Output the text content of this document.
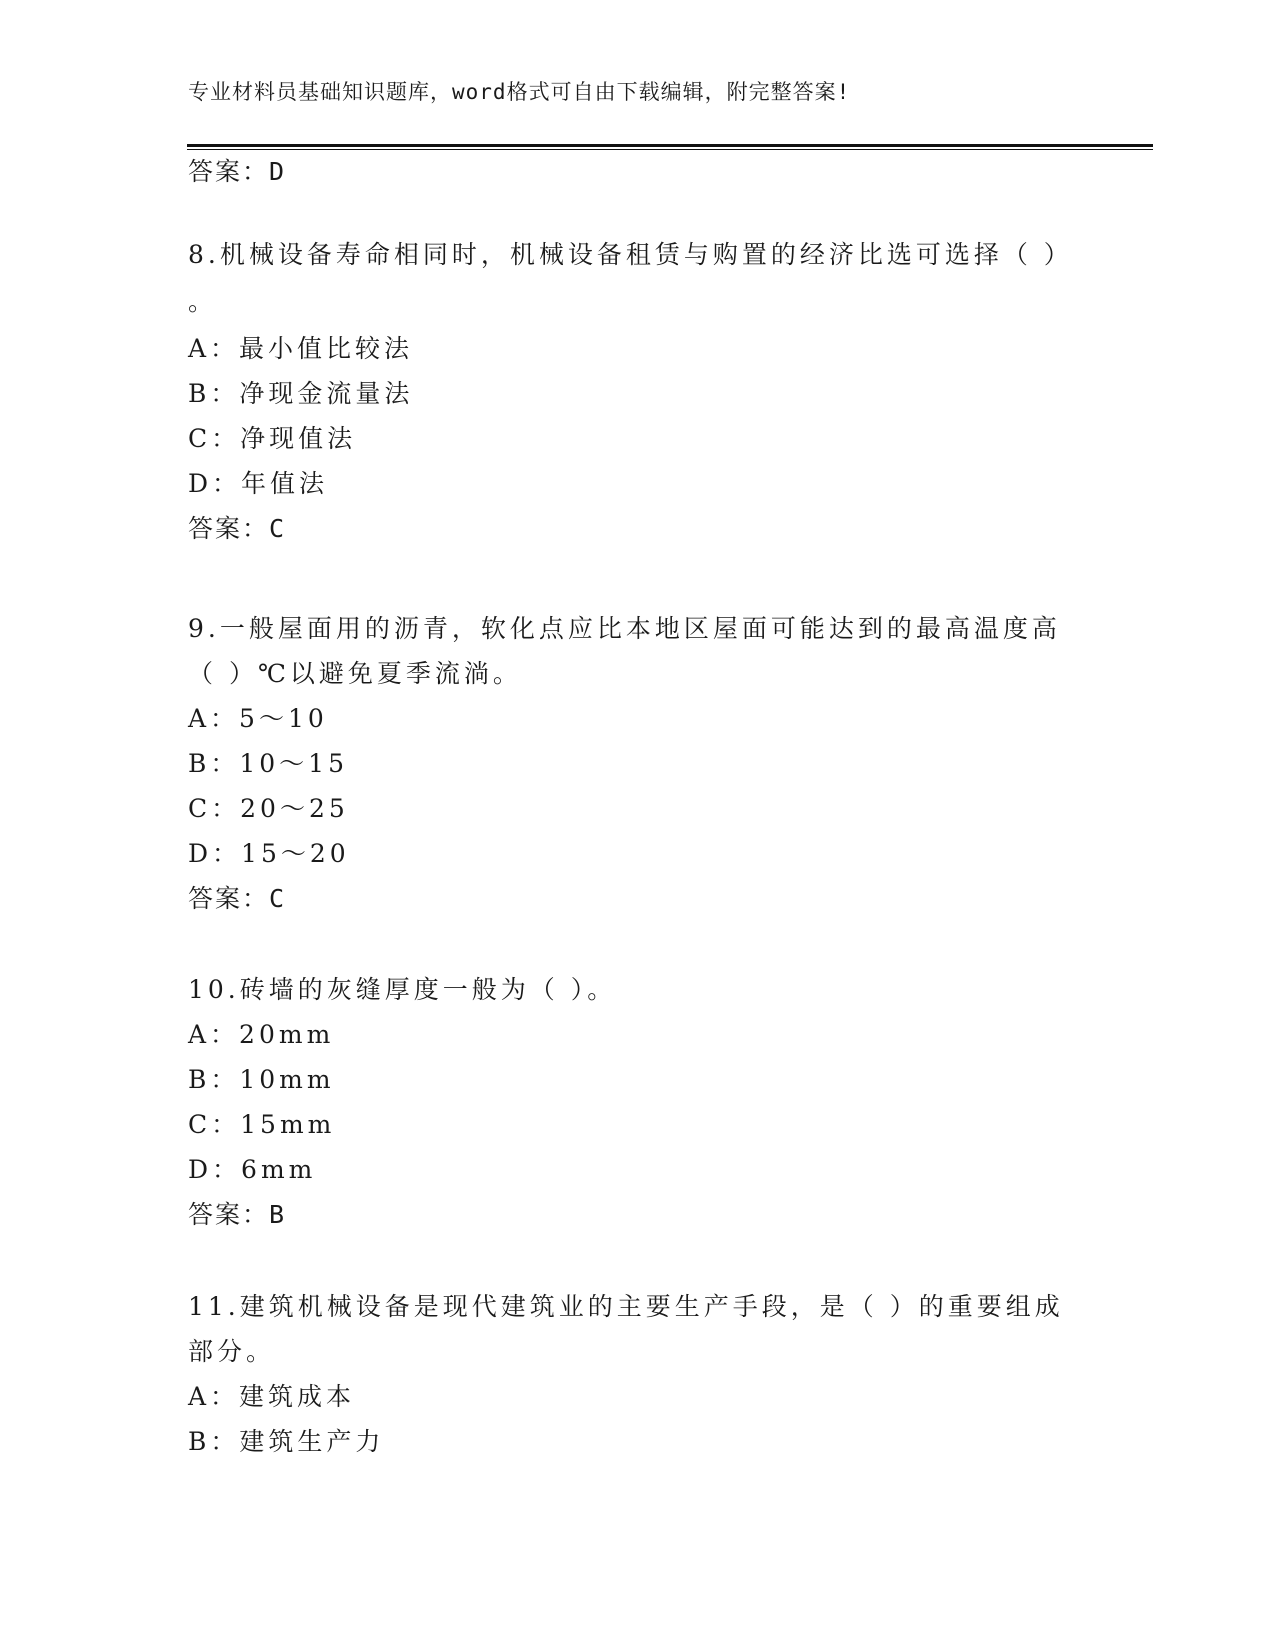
专业材料员基础知识题库，word格式可自由下载编辑，附完整答案!
答案：D
8.机械设备寿命相同时，机械设备租赁与购置的经济比选可选择（ ）
。
A：最小值比较法
B：净现金流量法
C：净现值法
D：年值法
答案：C
9.一般屋面用的沥青，软化点应比本地区屋面可能达到的最高温度高
（ ）℃以避免夏季流淌。
A：5～10
B：10～15
C：20～25
D：15～20
答案：C
10.砖墙的灰缝厚度一般为（ ）。
A：20mm
B：10mm
C：15mm
D：6mm
答案：B
11.建筑机械设备是现代建筑业的主要生产手段，是（ ）的重要组成
部分。
A：建筑成本
B：建筑生产力
